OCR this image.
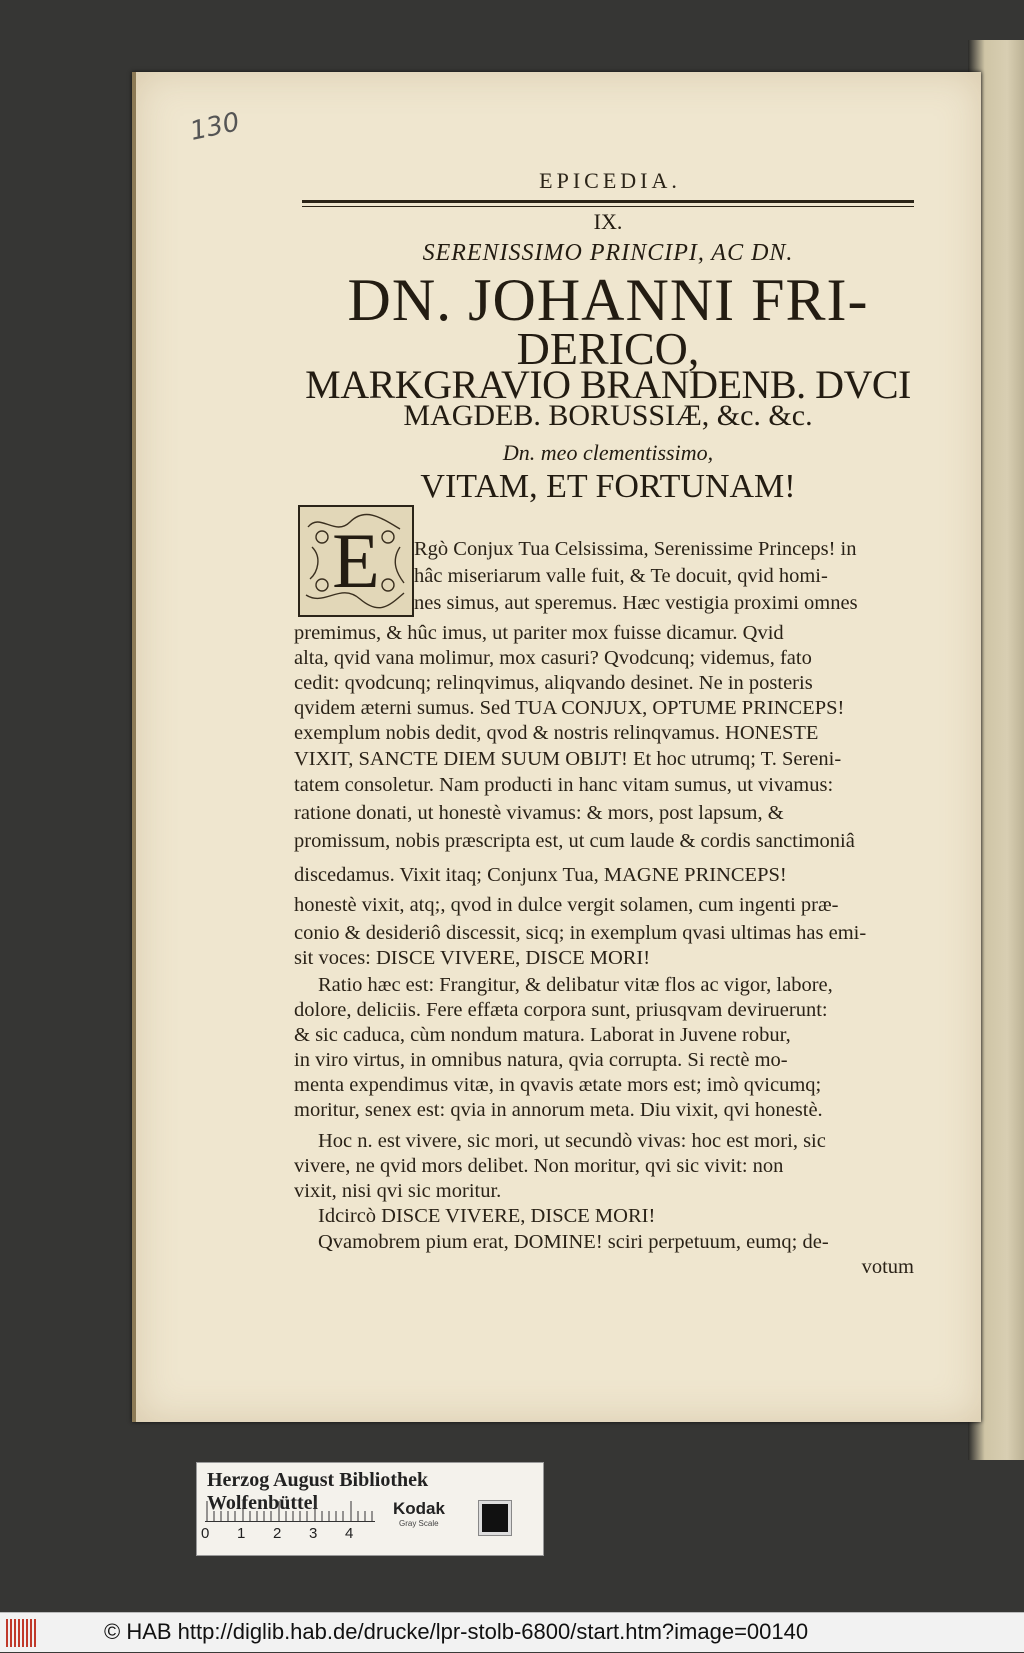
130
EPICEDIA.
IX.
SERENISSIMO PRINCIPI, AC DN.
DN. JOHANNI FRI-
DERICO,
MARKGRAVIO BRANDENB. DVCI
MAGDEB. BORUSSIÆ, &c. &c.
Dn. meo clementissimo,
VITAM, ET FORTUNAM!
E Rgò Conjux Tua Celsissima, Serenissime Princeps! in
hâc miseriarum valle fuit, & Te docuit, qvid homi-
nes simus, aut speremus. Hæc vestigia proximi omnes
premimus, & hûc imus, ut pariter mox fuisse dicamur. Qvid
alta, qvid vana molimur, mox casuri? Qvodcunq; videmus, fato
cedit: qvodcunq; relinqvimus, aliqvando desinet. Ne in posteris
qvidem æterni sumus. Sed TUA CONJUX, OPTUME PRINCEPS!
exemplum nobis dedit, qvod & nostris relinqvamus. HONESTE
VIXIT, SANCTE DIEM SUUM OBIJT! Et hoc utrumq; T. Sereni-
tatem consoletur. Nam producti in hanc vitam sumus, ut vivamus:
ratione donati, ut honestè vivamus: & mors, post lapsum, &
promissum, nobis præscripta est, ut cum laude & cordis sanctimoniâ
discedamus. Vixit itaq; Conjunx Tua, MAGNE PRINCEPS!
honestè vixit, atq;, qvod in dulce vergit solamen, cum ingenti præ-
conio & desideriô discessit, sicq; in exemplum qvasi ultimas has emi-
sit voces: DISCE VIVERE, DISCE MORI!
Ratio hæc est: Frangitur, & delibatur vitæ flos ac vigor, labore,
dolore, deliciis. Fere effæta corpora sunt, priusqvam deviruerunt:
& sic caduca, cùm nondum matura. Laborat in Juvene robur,
in viro virtus, in omnibus natura, qvia corrupta. Si rectè mo-
menta expendimus vitæ, in qvavis ætate mors est; imò qvicumq;
moritur, senex est: qvia in annorum meta. Diu vixit, qvi honestè.
Hoc n. est vivere, sic mori, ut secundò vivas: hoc est mori, sic
vivere, ne qvid mors delibet. Non moritur, qvi sic vivit: non
vixit, nisi qvi sic moritur.
Idcircò DISCE VIVERE, DISCE MORI!
Qvamobrem pium erat, DOMINE! sciri perpetuum, eumq; de-
votum
Herzog August Bibliothek Wolfenbüttel
0 1 2 3 4
Kodak
Gray Scale
© HAB http://diglib.hab.de/drucke/lpr-stolb-6800/start.htm?image=00140
